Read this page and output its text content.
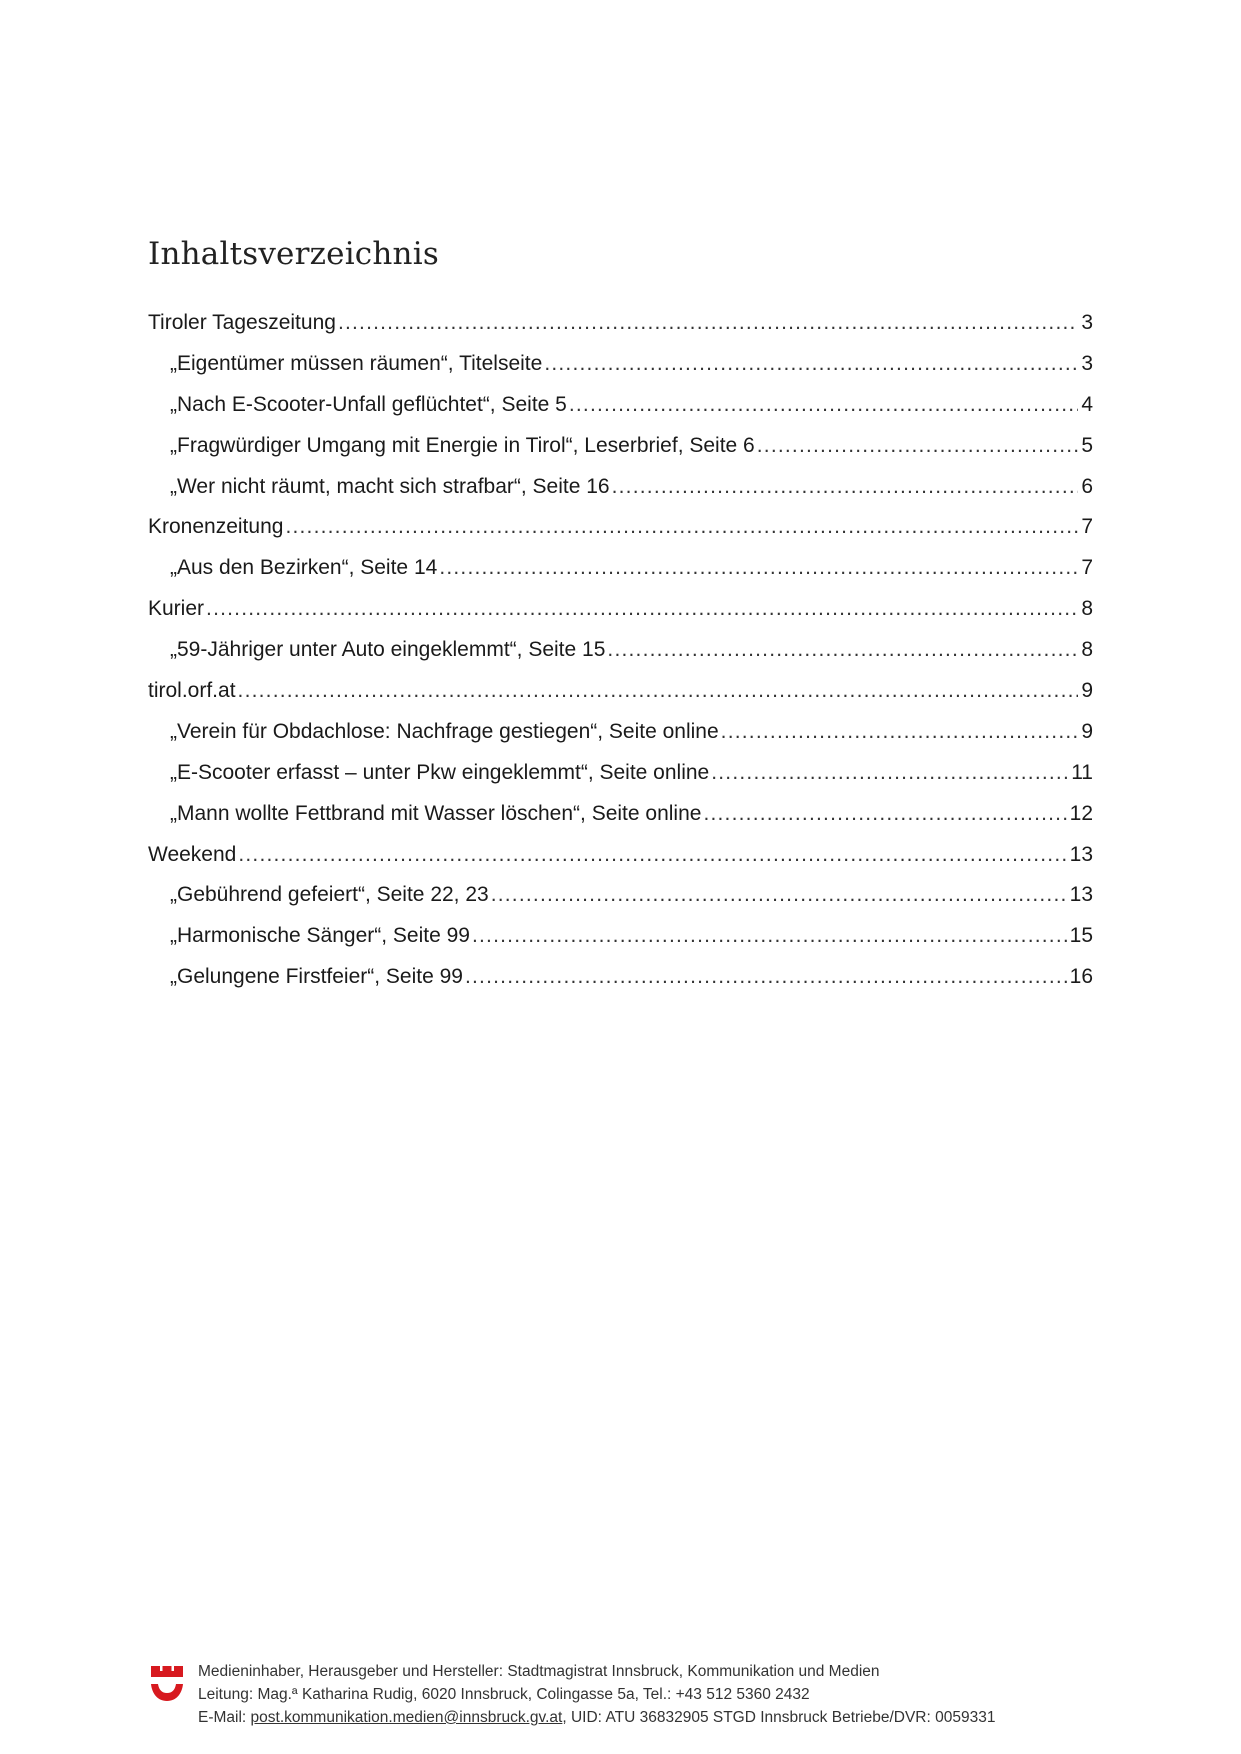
Inhaltsverzeichnis
Tiroler Tageszeitung .....	3
„Eigentümer müssen räumen“, Titelseite .....	3
„Nach E-Scooter-Unfall geflüchtet“, Seite 5 .....	4
„Fragwürdiger Umgang mit Energie in Tirol“, Leserbrief, Seite 6 .....	5
„Wer nicht räumt, macht sich strafbar“, Seite 16 .....	6
Kronenzeitung .....	7
„Aus den Bezirken“, Seite 14 .....	7
Kurier .....	8
„59-Jähriger unter Auto eingeklemmt“, Seite 15 .....	8
tirol.orf.at .....	9
„Verein für Obdachlose: Nachfrage gestiegen“, Seite online .....	9
„E-Scooter erfasst – unter Pkw eingeklemmt“, Seite online .....	11
„Mann wollte Fettbrand mit Wasser löschen“, Seite online .....	12
Weekend .....	13
„Gebührend gefeiert“, Seite 22, 23 .....	13
„Harmonische Sänger“, Seite 99 .....	15
„Gelungene Firstfeier“, Seite 99 .....	16
Medieninhaber, Herausgeber und Hersteller: Stadtmagistrat Innsbruck, Kommunikation und Medien
Leitung: Mag.ª Katharina Rudig, 6020 Innsbruck, Colingasse 5a, Tel.: +43 512 5360 2432
E-Mail: post.kommunikation.medien@innsbruck.gv.at, UID: ATU 36832905 STGD Innsbruck Betriebe/DVR: 0059331
